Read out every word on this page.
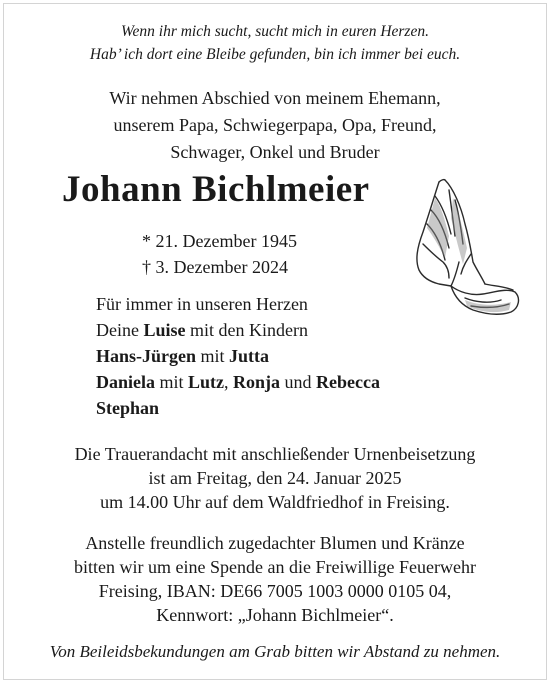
Wenn ihr mich sucht, sucht mich in euren Herzen.
Hab’ ich dort eine Bleibe gefunden, bin ich immer bei euch.
Wir nehmen Abschied von meinem Ehemann,
unserem Papa, Schwiegerpapa, Opa, Freund,
Schwager, Onkel und Bruder
Johann Bichlmeier
* 21. Dezember 1945
† 3. Dezember 2024
Für immer in unseren Herzen
Deine Luise mit den Kindern
Hans-Jürgen mit Jutta
Daniela mit Lutz, Ronja und Rebecca
Stephan
Die Trauerandacht mit anschließender Urnenbeisetzung
ist am Freitag, den 24. Januar 2025
um 14.00 Uhr auf dem Waldfriedhof in Freising.
Anstelle freundlich zugedachter Blumen und Kränze
bitten wir um eine Spende an die Freiwillige Feuerwehr
Freising, IBAN: DE66 7005 1003 0000 0105 04,
Kennwort: „Johann Bichlmeier“.
Von Beileidsbekundungen am Grab bitten wir Abstand zu nehmen.
